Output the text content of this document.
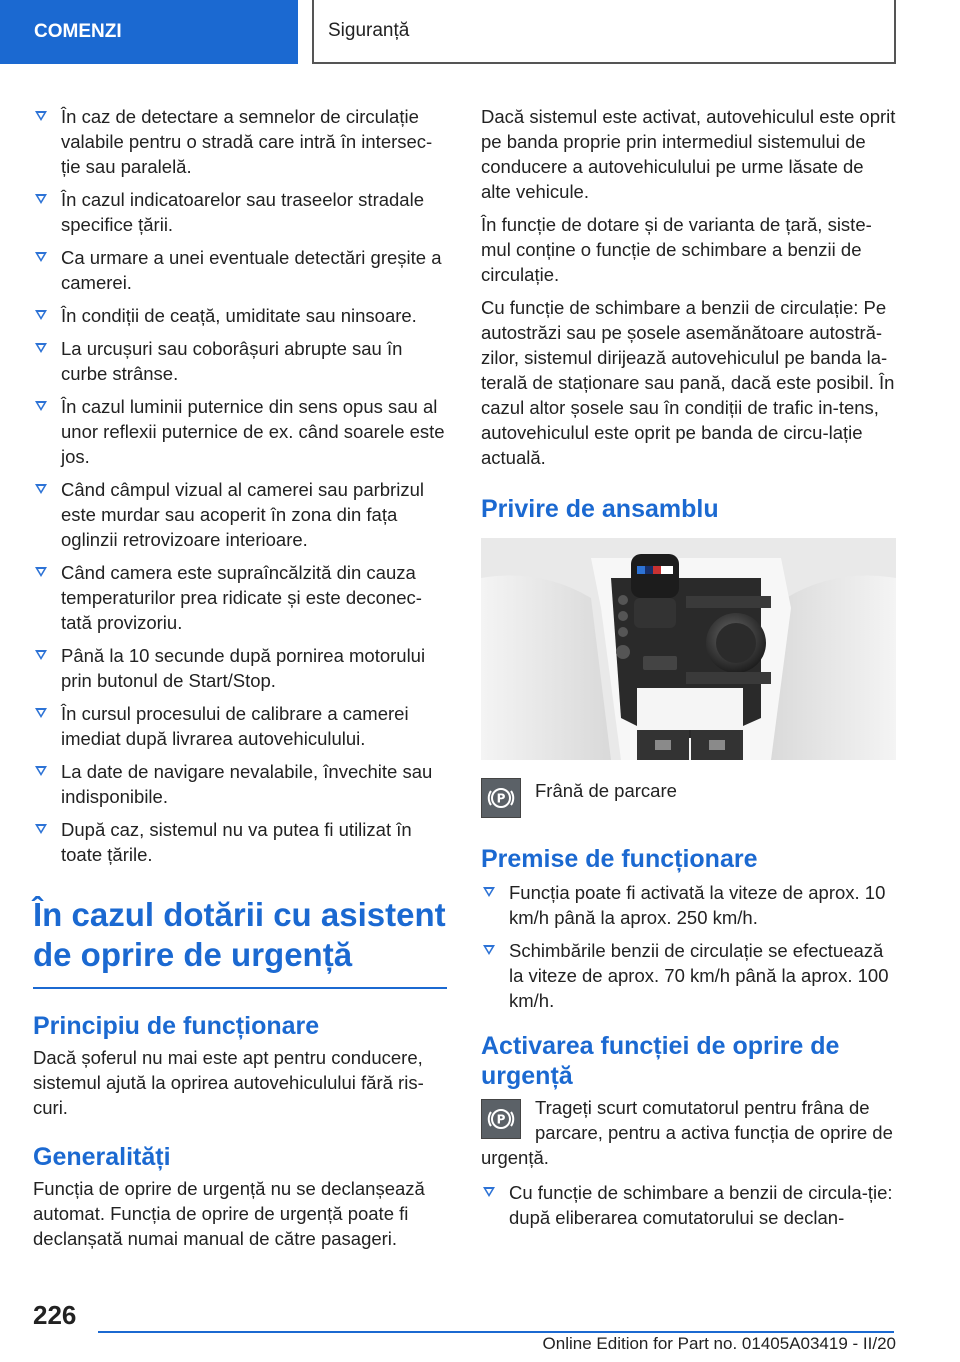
COMENZI	Siguranță
În caz de detectare a semnelor de circulație valabile pentru o stradă care intră în intersec-ție sau paralelă.
În cazul indicatoarelor sau traseelor stradale specifice țării.
Ca urmare a unei eventuale detectări greșite a camerei.
În condiții de ceață, umiditate sau ninsoare.
La urcușuri sau coborâșuri abrupte sau în curbe strânse.
În cazul luminii puternice din sens opus sau al unor reflexii puternice de ex. când soarele este jos.
Când câmpul vizual al camerei sau parbrizul este murdar sau acoperit în zona din fața oglinzii retrovizoare interioare.
Când camera este supraîncălzită din cauza temperaturilor prea ridicate și este deconec-tată provizoriu.
Până la 10 secunde după pornirea motorului prin butonul de Start/Stop.
În cursul procesului de calibrare a camerei imediat după livrarea autovehiculului.
La date de navigare nevalabile, învechite sau indisponibile.
După caz, sistemul nu va putea fi utilizat în toate țările.
În cazul dotării cu asistent de oprire de urgență
Principiu de funcționare

Dacă șoferul nu mai este apt pentru conducere, sistemul ajută la oprirea autovehiculului fără ris-curi.

Generalități

Funcția de oprire de urgență nu se declanșează automat. Funcția de oprire de urgență poate fi declanșată numai manual de către pasageri.

Dacă sistemul este activat, autovehiculul este oprit pe banda proprie prin intermediul sistemului de conducere a autovehiculului pe urme lăsate de alte vehicule.

În funcție de dotare și de varianta de țară, siste-mul conține o funcție de schimbare a benzii de circulație.

Cu funcție de schimbare a benzii de circulație: Pe autostrăzi sau pe șosele asemănătoare autostră-zilor, sistemul dirijează autovehiculul pe banda la-terală de staționare sau pană, dacă este posibil. În cazul altor șosele sau în condiții de trafic in-tens, autovehiculul este oprit pe banda de circu-lație actuală.

Privire de ansamblu
P Frână de parcare
Premise de funcționare
Funcția poate fi activată la viteze de aprox. 10 km/h până la aprox. 250 km/h.
Schimbările benzii de circulație se efectuează la viteze de aprox. 70 km/h până la aprox. 100 km/h.
Activarea funcției de oprire de urgență
P

Trageți scurt comutatorul pentru frâna de parcare, pentru a activa funcția de oprire de urgență.

Cu funcție de schimbare a benzii de circula-ție: după eliberarea comutatorului se declan-
226
Online Edition for Part no. 01405A03419 - II/20
